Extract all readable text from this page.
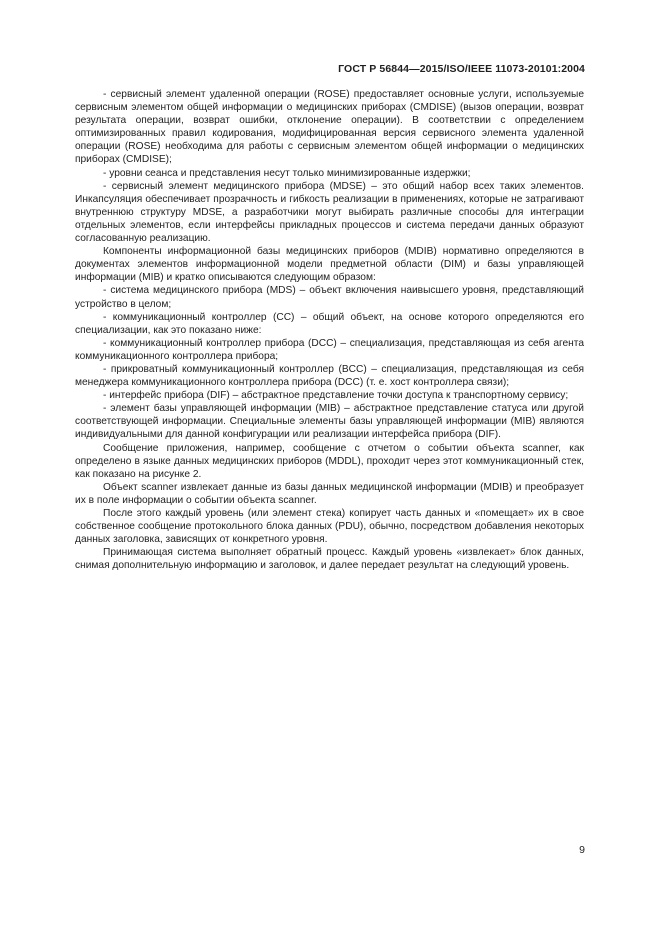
ГОСТ Р 56844—2015/ISO/IEEE 11073-20101:2004

- сервисный элемент удаленной операции (ROSE) предоставляет основные услуги, используемые сервисным элементом общей информации о медицинских приборах (CMDISE) (вызов операции, возврат результата операции, возврат ошибки, отклонение операции). В соответствии с определением оптимизированных правил кодирования, модифицированная версия сервисного элемента удаленной операции (ROSE) необходима для работы с сервисным элементом общей информации о медицинских приборах (CMDISE);

- уровни сеанса и представления несут только минимизированные издержки;

- сервисный элемент медицинского прибора (MDSE) – это общий набор всех таких элементов. Инкапсуляция обеспечивает прозрачность и гибкость реализации в применениях, которые не затрагивают внутреннюю структуру MDSE, а разработчики могут выбирать различные способы для интеграции отдельных элементов, если интерфейсы прикладных процессов и система передачи данных образуют согласованную реализацию.

Компоненты информационной базы медицинских приборов (MDIB) нормативно определяются в документах элементов информационной модели предметной области (DIM) и базы управляющей информации (MIB) и кратко описываются следующим образом:

- система медицинского прибора (MDS) – объект включения наивысшего уровня, представляющий устройство в целом;

- коммуникационный контроллер (CC) – общий объект, на основе которого определяются его специализации, как это показано ниже:

- коммуникационный контроллер прибора (DCC) – специализация, представляющая из себя агента коммуникационного контроллера прибора;

- прикроватный коммуникационный контроллер (BCC) – специализация, представляющая из себя менеджера коммуникационного контроллера прибора (DCC) (т. е. хост контроллера связи);

- интерфейс прибора (DIF) – абстрактное представление точки доступа к транспортному сервису;

- элемент базы управляющей информации (MIB) – абстрактное представление статуса или другой соответствующей информации. Специальные элементы базы управляющей информации (MIB) являются индивидуальными для данной конфигурации или реализации интерфейса прибора (DIF).

Сообщение приложения, например, сообщение с отчетом о событии объекта scanner, как определено в языке данных медицинских приборов (MDDL), проходит через этот коммуникационный стек, как показано на рисунке 2.

Объект scanner извлекает данные из базы данных медицинской информации (MDIB) и преобразует их в поле информации о событии объекта scanner.

После этого каждый уровень (или элемент стека) копирует часть данных и «помещает» их в свое собственное сообщение протокольного блока данных (PDU), обычно, посредством добавления некоторых данных заголовка, зависящих от конкретного уровня.

Принимающая система выполняет обратный процесс. Каждый уровень «извлекает» блок данных, снимая дополнительную информацию и заголовок, и далее передает результат на следующий уровень.

9
